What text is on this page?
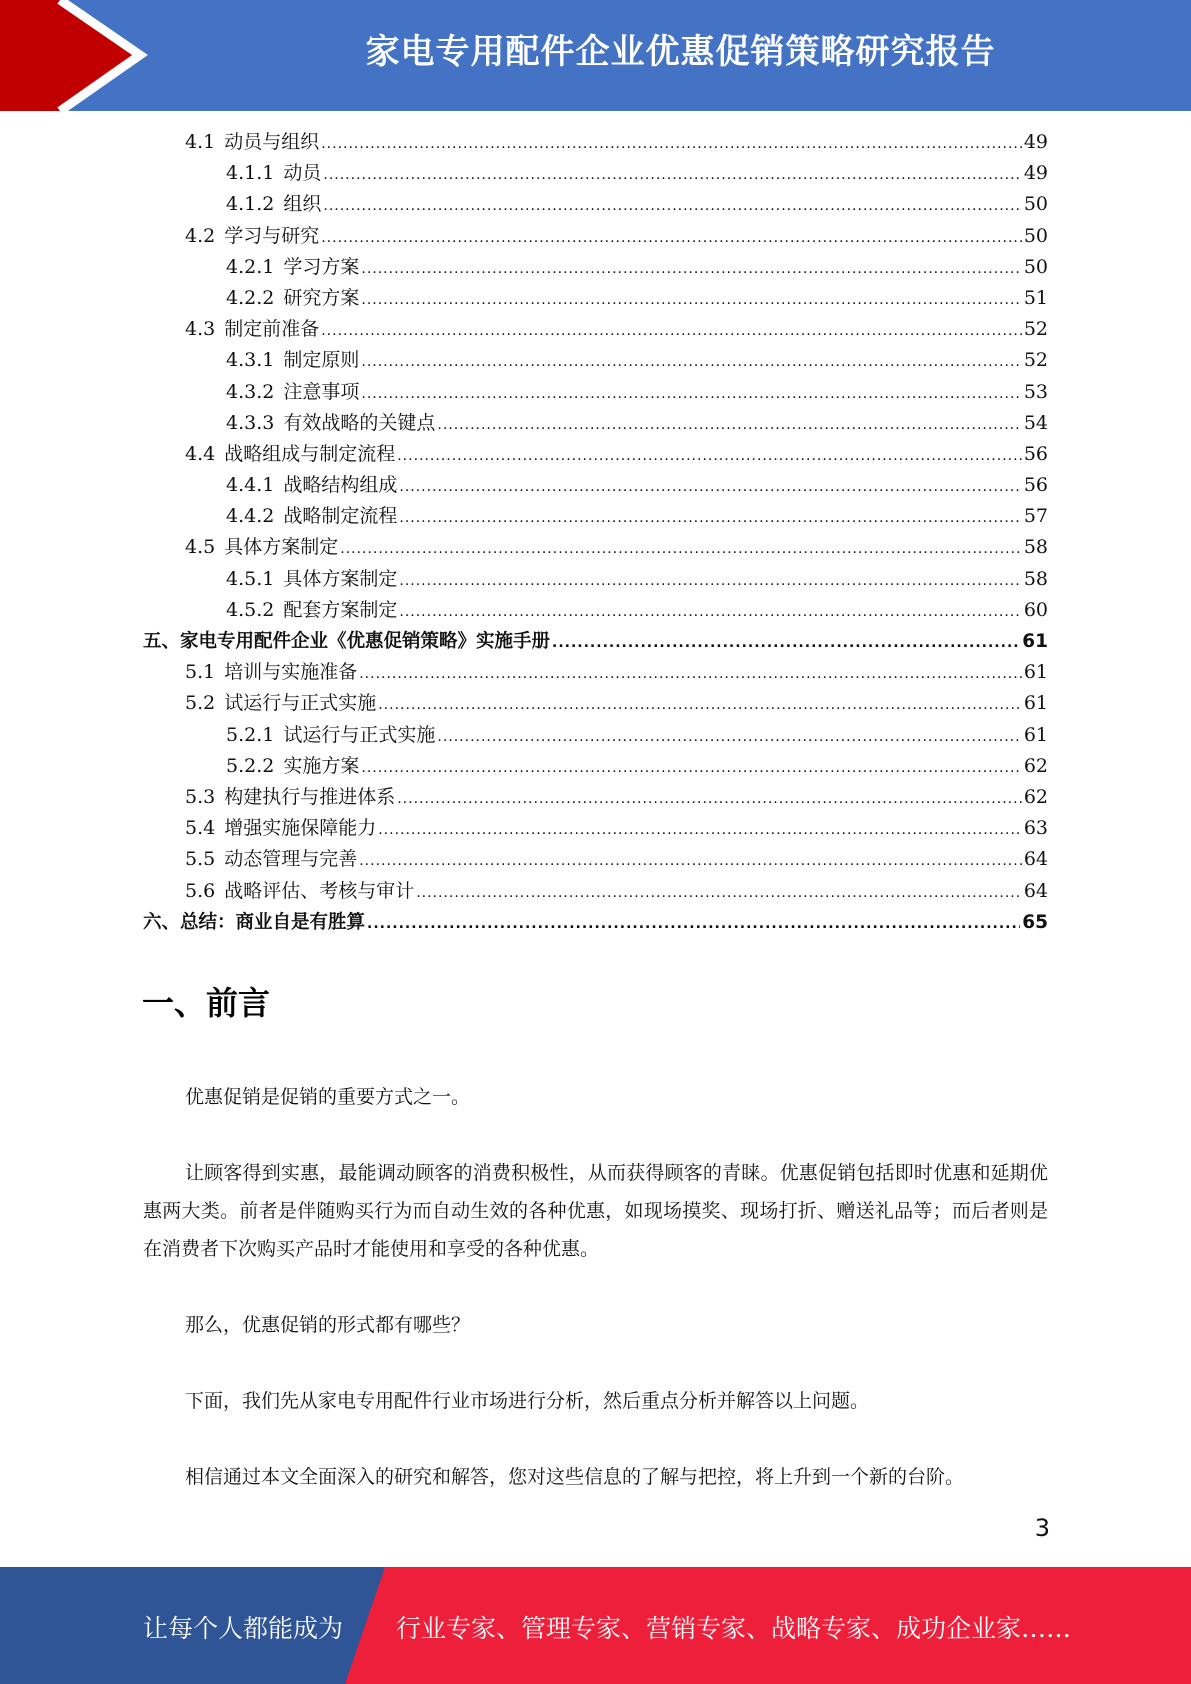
家电专用配件企业优惠促销策略研究报告
4.1 动员与组织 .....	49
4.1.1 动员 .....	49
4.1.2 组织 .....	50
4.2 学习与研究 .....	50
4.2.1 学习方案 .....	50
4.2.2 研究方案 .....	51
4.3 制定前准备 .....	52
4.3.1 制定原则 .....	52
4.3.2 注意事项 .....	53
4.3.3 有效战略的关键点 .....	54
4.4 战略组成与制定流程 .....	56
4.4.1 战略结构组成 .....	56
4.4.2 战略制定流程 .....	57
4.5 具体方案制定 .....	58
4.5.1 具体方案制定 .....	58
4.5.2 配套方案制定 .....	60
五、家电专用配件企业《优惠促销策略》实施手册 .....	61
5.1 培训与实施准备 .....	61
5.2 试运行与正式实施 .....	61
5.2.1 试运行与正式实施 .....	61
5.2.2 实施方案 .....	62
5.3 构建执行与推进体系 .....	62
5.4 增强实施保障能力 .....	63
5.5 动态管理与完善 .....	64
5.6 战略评估、考核与审计 .....	64
六、总结：商业自是有胜算 .....	65
一、前言

优惠促销是促销的重要方式之一。

让顾客得到实惠，最能调动顾客的消费积极性，从而获得顾客的青睐。优惠促销包括即时优惠和延期优惠两大类。前者是伴随购买行为而自动生效的各种优惠，如现场摸奖、现场打折、赠送礼品等；而后者则是在消费者下次购买产品时才能使用和享受的各种优惠。

那么，优惠促销的形式都有哪些？

下面，我们先从家电专用配件行业市场进行分析，然后重点分析并解答以上问题。

相信通过本文全面深入的研究和解答，您对这些信息的了解与把控，将上升到一个新的台阶。

3
让每个人都能成为 行业专家、管理专家、营销专家、战略专家、成功企业家……
